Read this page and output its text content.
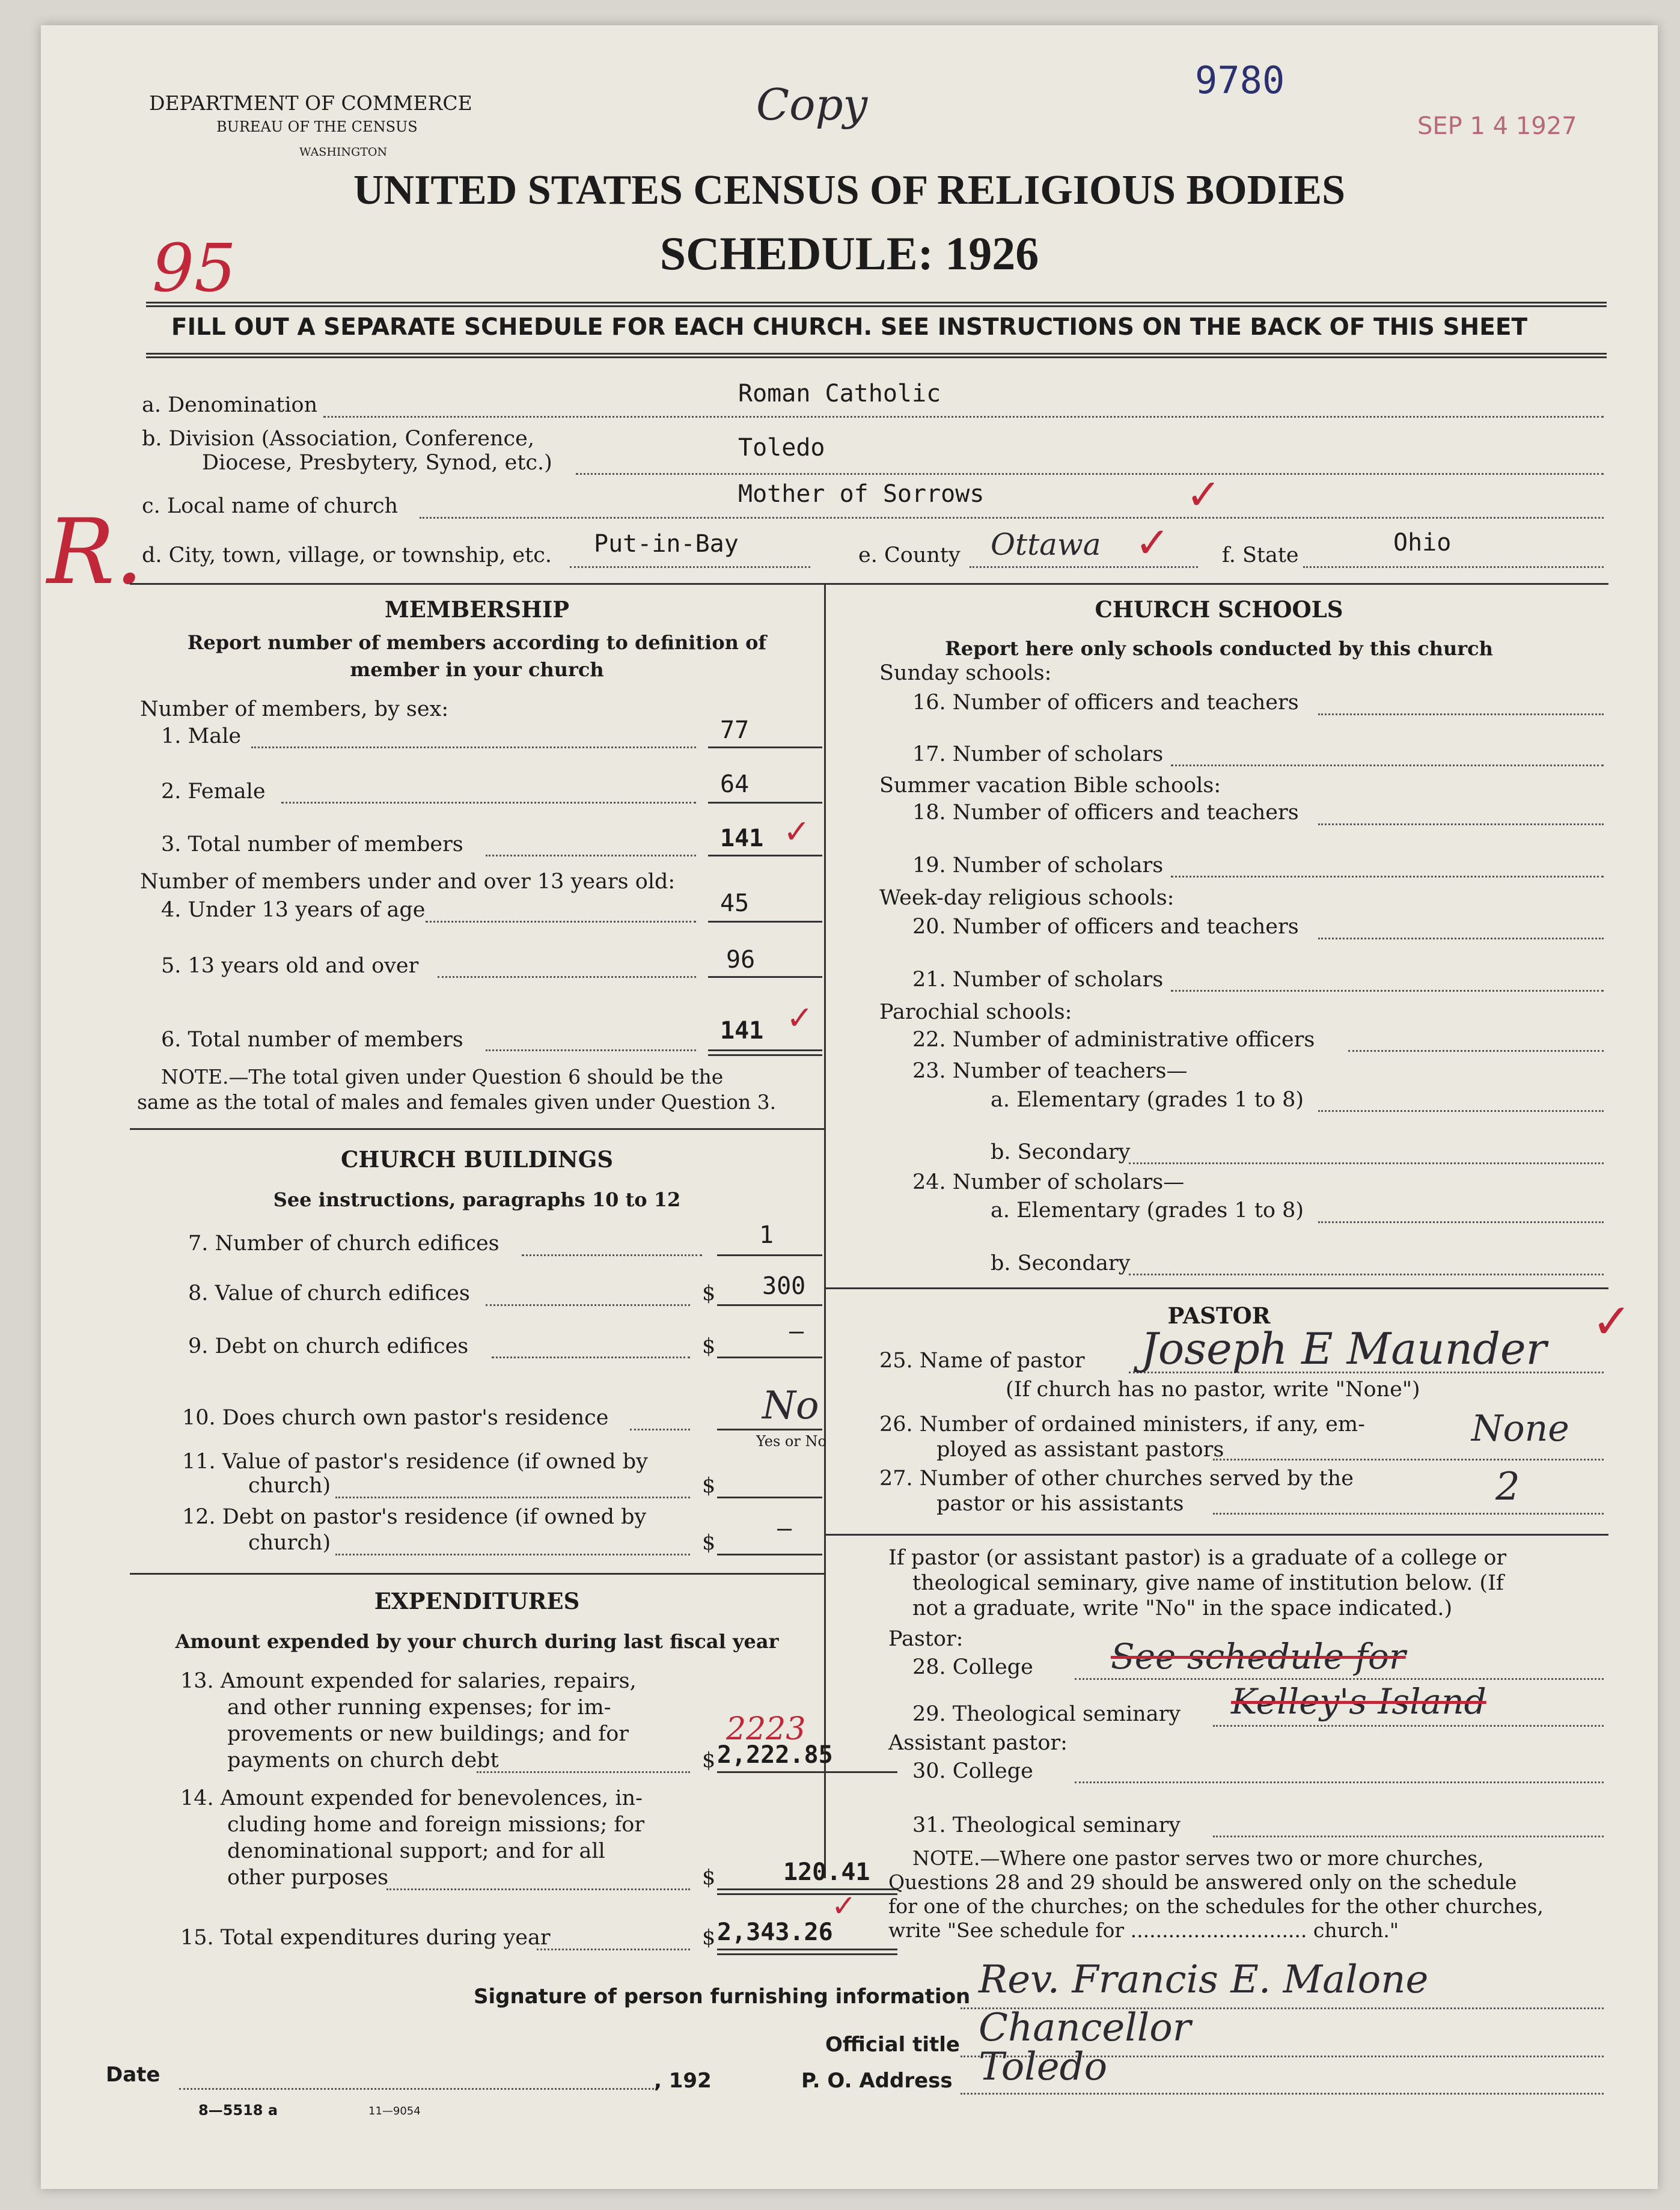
DEPARTMENT OF COMMERCE
BUREAU OF THE CENSUS
WASHINGTON
Copy	9780
SEP 1 4 1927
UNITED STATES CENSUS OF RELIGIOUS BODIES
SCHEDULE: 1926
95
R.
FILL OUT A SEPARATE SCHEDULE FOR EACH CHURCH. SEE INSTRUCTIONS ON THE BACK OF THIS SHEET
a. Denomination	Roman Catholic
b. Division (Association, Conference,
Diocese, Presbytery, Synod, etc.)
Toledo
c. Local name of church	Mother of Sorrows	✓
d. City, town, village, or township, etc. Put-in-Bay	e. County Ottawa ✓ f. State	Ohio
MEMBERSHIP
Report number of members according to definition of
member in your church
Number of members, by sex:
1. Male	77
2. Female	64
3. Total number of members	141 ✓
Number of members under and over 13 years old:
4. Under 13 years of age	45
5. 13 years old and over	96
6. Total number of members	141 ✓
NOTE.—The total given under Question 6 should be the
same as the total of males and females given under Question 3.
CHURCH BUILDINGS
See instructions, paragraphs 10 to 12
7. Number of church edifices	1
8. Value of church edifices	$ 300
9. Debt on church edifices	$
—
10. Does church own pastor's residence	No
Yes or No
11. Value of pastor's residence (if owned by
church)	$
12. Debt on pastor's residence (if owned by
church)	$
—
EXPENDITURES
Amount expended by your church during last fiscal year
13. Amount expended for salaries, repairs,
and other running expenses; for im-
provements or new buildings; and for
payments on church debt
2223
$ 2,222.85
14. Amount expended for benevolences, in-
cluding home and foreign missions; for
denominational support; and for all
other purposes	$	120.41
15. Total expenditures during year	$ 2,343.26
✓
CHURCH SCHOOLS
Report here only schools conducted by this church
Sunday schools:
16. Number of officers and teachers
17. Number of scholars
Summer vacation Bible schools:
18. Number of officers and teachers
19. Number of scholars
Week-day religious schools:
20. Number of officers and teachers
21. Number of scholars
Parochial schools:
22. Number of administrative officers
23. Number of teachers—
a. Elementary (grades 1 to 8)
b. Secondary
24. Number of scholars—
a. Elementary (grades 1 to 8)
b. Secondary
PASTOR
25. Name of pastor Joseph E Maunder ✓
(If church has no pastor, write "None")
26. Number of ordained ministers, if any, em-
ployed as assistant pastors	None
27. Number of other churches served by the
pastor or his assistants	2
If pastor (or assistant pastor) is a graduate of a college or
theological seminary, give name of institution below. (If
not a graduate, write "No" in the space indicated.)
Pastor:
28. College See schedule for
29. Theological seminary Kelley's Island
Assistant pastor:
30. College
31. Theological seminary
NOTE.—Where one pastor serves two or more churches,
Questions 28 and 29 should be answered only on the schedule
for one of the churches; on the schedules for the other churches,
write "See schedule for ............................ church."
Signature of person furnishing information Rev. Francis E. Malone
Official title Chancellor
Date	, 192	P. O. Address Toledo
8—5518 a	11—9054
